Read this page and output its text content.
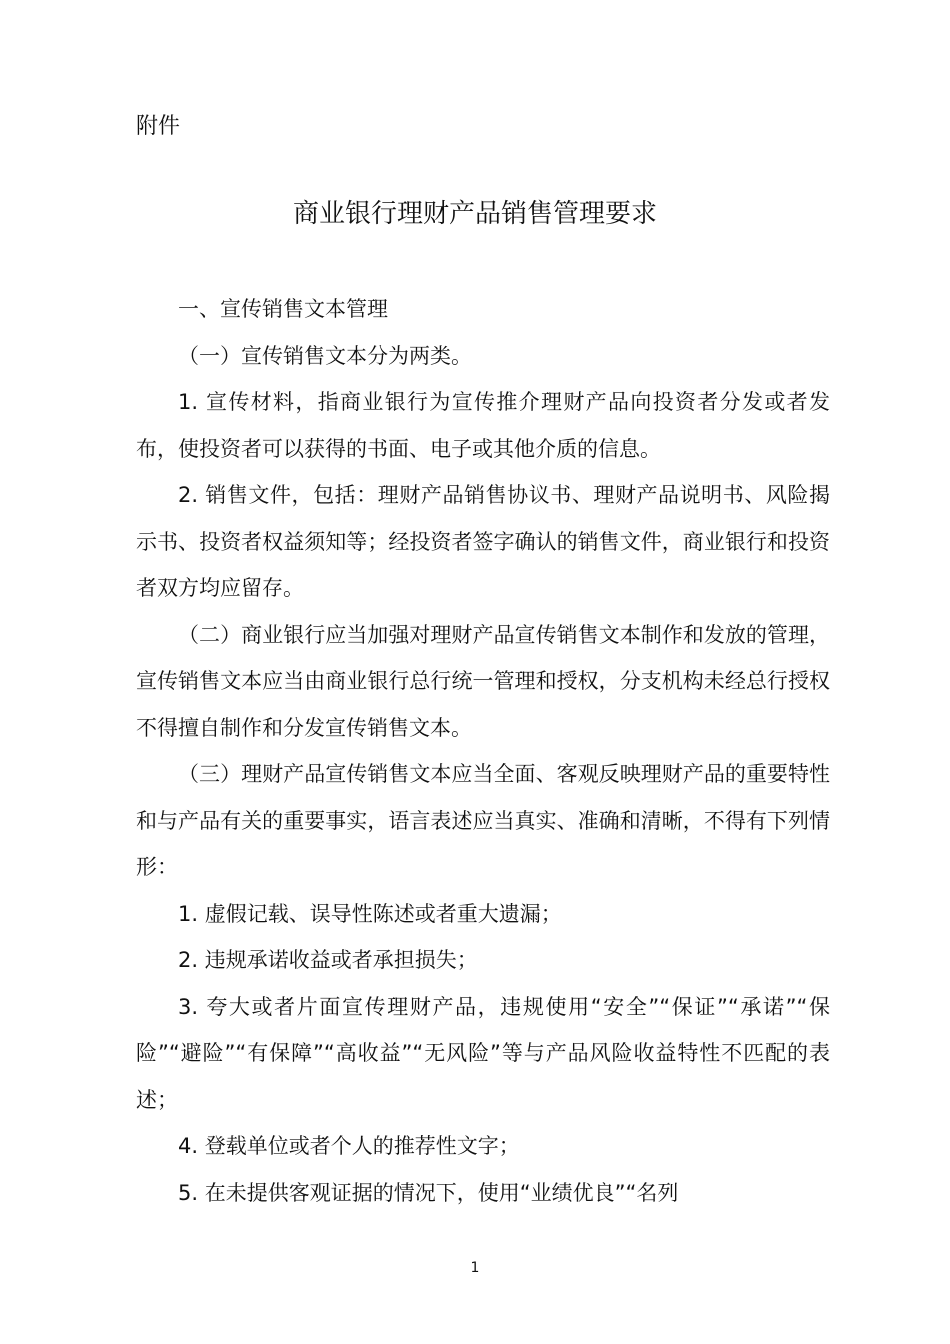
附件
商业银行理财产品销售管理要求

一、宣传销售文本管理

（一）宣传销售文本分为两类。

1. 宣传材料，指商业银行为宣传推介理财产品向投资者分发或者发布，使投资者可以获得的书面、电子或其他介质的信息。

2. 销售文件，包括：理财产品销售协议书、理财产品说明书、风险揭示书、投资者权益须知等；经投资者签字确认的销售文件，商业银行和投资者双方均应留存。

（二）商业银行应当加强对理财产品宣传销售文本制作和发放的管理，宣传销售文本应当由商业银行总行统一管理和授权，分支机构未经总行授权不得擅自制作和分发宣传销售文本。

（三）理财产品宣传销售文本应当全面、客观反映理财产品的重要特性和与产品有关的重要事实，语言表述应当真实、准确和清晰，不得有下列情形：

1. 虚假记载、误导性陈述或者重大遗漏；

2. 违规承诺收益或者承担损失；

3. 夸大或者片面宣传理财产品，违规使用“安全”“保证”“承诺”“保险”“避险”“有保障”“高收益”“无风险”等与产品风险收益特性不匹配的表述；

4. 登载单位或者个人的推荐性文字；

5. 在未提供客观证据的情况下，使用“业绩优良”“名列

1
